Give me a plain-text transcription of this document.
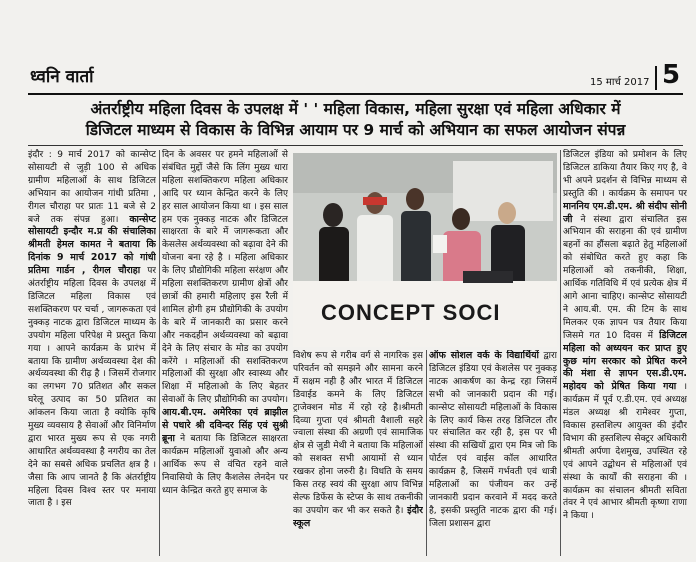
ध्वनि वार्ता	15 मार्च 2017 5
अंतर्राष्ट्रीय महिला दिवस के उपलक्ष में ' ' महिला विकास, महिला सुरक्षा एवं महिला अधिकार में
डिजिटल माध्यम से विकास के विभिन्न आयाम पर 9 मार्च को अभियान का सफल आयोजन संपन्न

इंदौर : 9 मार्च 2017 को कान्सेप्ट सोसायटी से जुड़ी 100 से अधिक ग्रामीण महिलाओं के साथ डिजिटल अभियान का आयोजन गांधी प्रतिमा , रीगल चौराहा पर प्रातः 11 बजे से 2 बजे तक संपन्न हुआ। कान्सेप्ट सोसायटी इन्दौर म.प्र की संचालिका श्रीमती हेमल कामत ने बताया कि दिनांक 9 मार्च 2017 को गांधी प्रतिमा गार्डन , रीगल चौराहा पर अंतर्राष्ट्रीय महिला दिवस के उपलक्ष में डिजिटल महिला विकास एवं सशक्तिकरण पर चर्चा , जागरूकता एवं नुक्कड़ नाटक द्वारा डिजिटल माध्यम के उपयोग महिला परिपेक्ष मे प्रस्तुत किया गया । आपने कार्यक्रम के प्रारंभ में बताया कि ग्रामीण अर्थव्यवस्था देश की अर्थव्यवस्था की रीढ़ है । जिसमें रोजगार का लगभग 70 प्रतिशत और सकल घरेलू उत्पाद का 50 प्रतिशत का आंकलन किया जाता है क्योकि कृषि मुख्य व्यवसाय है सेवाओं और विनिर्माण द्वारा भारत मुख्य रूप से एक नगरी आधारित अर्थव्यवस्था है नगरीय का तेल देने का सबसे अधिक प्रचलित क्षत्र है । जैसा कि आप जानते है कि अंतर्राष्ट्रीय महिला दिवस विश्व स्तर पर मनाया जाता है । इस

दिन के अवसर पर हमने महिलाओं से संबंधित मुद्दों जैसे कि लिंग मुख्य धारा महिला सशक्तिकरण महिला अधिकार आदि पर ध्यान केन्द्रित करने के लिए हर साल आयोजन किया था । इस साल हम एक नुक्कड़ नाटक और डिजिटल साक्षरता के बारे में जागरूकता और केसलेस अर्थव्यवस्था को बढ़ावा देने की योजना बना रहे है । महिला अधिकार के लिए प्रौद्योगिकी महिला सरंक्षण और महिला सशक्तिकरण ग्रामीण क्षेत्रों और छात्रों की हमारी महिलाए इस रैली में शामिल होगी हम प्रौद्योगिकी के उपयोग के बारे में जानकारी का प्रसार करने और नकदहीन अर्थव्यवस्था को बढ़ावा देने के लिए संचार के मोड का उपयोग करेंगे । महिलाओं की सशक्तिकरण महिलाओं की सुरक्षा और स्वास्थ्य और शिक्षा में महिलाओ के लिए बेहतर सेवाओं के लिए प्रौद्योगिकी का उपयोग। आय.बी.एम. अमेरिका एवं ब्राझील से पधारे श्री दविन्दर सिंह एवं सुश्री ब्रूना ने बताया कि डिजिटल साक्षरता कार्यक्रम महिलाओं युवाओ और अन्य आर्थिक रूप से वंचित रहने वाले निवासियो के लिए कैशलेस लेनदेन पर ध्यान केन्द्रित करते हुए समाज के

CONCEPT SOCI

विशेष रूप से गरीब वर्ग से नागरिक इस परिवर्तन को समझने और सामना करने में सक्षम नही है और भारत में डिजिटल डिवाईड कमने के लिए डिजिटल ट्राजेक्शन मोड में रहो रहे है।श्रीमती दिव्या गुप्ता एवं श्रीमती वैशाली सहरे ज्वाला संस्था की अग्रणी एवं सामाजिक क्षेत्र से जुडी मेथी ने बताया कि महिलाओं को सशक्त सभी आयामों से ध्यान रखकर होना जरुरी है। विधति के समय किस तरह स्वयं की सुरक्षा आप विभिन्न सेल्फ डिफेंस के स्टेप्स के साथ तकनीकी का उपयोग कर भी कर सकते है। इंदौर स्कूल

ऑफ सोशल वर्क के विद्यार्थियों द्वारा डिजिटल इंडिया एवं केशलेस पर नुक्कड़ नाटक आकर्षण का केन्द्र रहा जिसमें सभी को जानकारी प्रदान की गई। कान्सेप्ट सोसायटी महिलाओं के विकास के लिए कार्य किस तरह डिजिटल तौर पर संचालित कर रही है, इस पर भी संस्था की सखियों द्वारा एम मित्र जो कि पोर्टल एवं वाईस कॉल आधारित कार्यक्रम है, जिसमें गर्भवती एवं धात्री महिलाओं का पंजीयन कर उन्हें जानकारी प्रदान करवाने में मदद करते है, इसकी प्रस्तुति नाटक द्वारा की गई। जिला प्रशासन द्वारा

डिजिटल इंडिया को प्रमोशन के लिए डिजिटल डाकिया तैयार किए गए है, वे भी अपने प्रदर्शन से विभिन्न माध्यम से प्रस्तुति की । कार्यक्रम के समापन पर माननिय एम.डी.एम. श्री संदीप सोनी जी ने संस्था द्वारा संचालित इस अभियान की सराहना की एवं ग्रामीण बहनों का हौंसला बढ़ाते हेतु महिलाओं को संबोधित करते हुए कहा कि महिलाओं को तकनीकी, शिक्षा, आर्थिक गतिविधि में एवं प्रत्येक क्षेत्र में आगे आना चाहिए। कान्सेप्ट सोसायटी ने आय.बी. एम. की टिम के साथ मिलकर एक ज्ञापन पत्र तैयार किया जिसमे गत 10 दिवस में डिजिटल महिला को अध्ययन कर प्राप्त हुए कुछ मांग सरकार को प्रेषित करने की मंशा से ज्ञापन एस.डी.एम. महोदय को प्रेषित किया गया । कार्यक्रम में पूर्व ए.डी.एम. एवं अध्यक्ष मंडल अध्यक्ष श्री रामेश्वर गुप्ता, विकास हस्तशिल्प आयुक्त की इंदौर विभाग की हस्तशिल्प सेक्ट्रर अधिकारी श्रीमती अर्पणा देशमुख, उपस्थित रहे एवं आपने उद्बोधन से महिलाओं एवं संस्था के कार्यों की सराहना की । कार्यक्रम का संचालन श्रीमती सविता तंवर ने एवं आभार श्रीमती कृष्णा राणा ने किया ।
